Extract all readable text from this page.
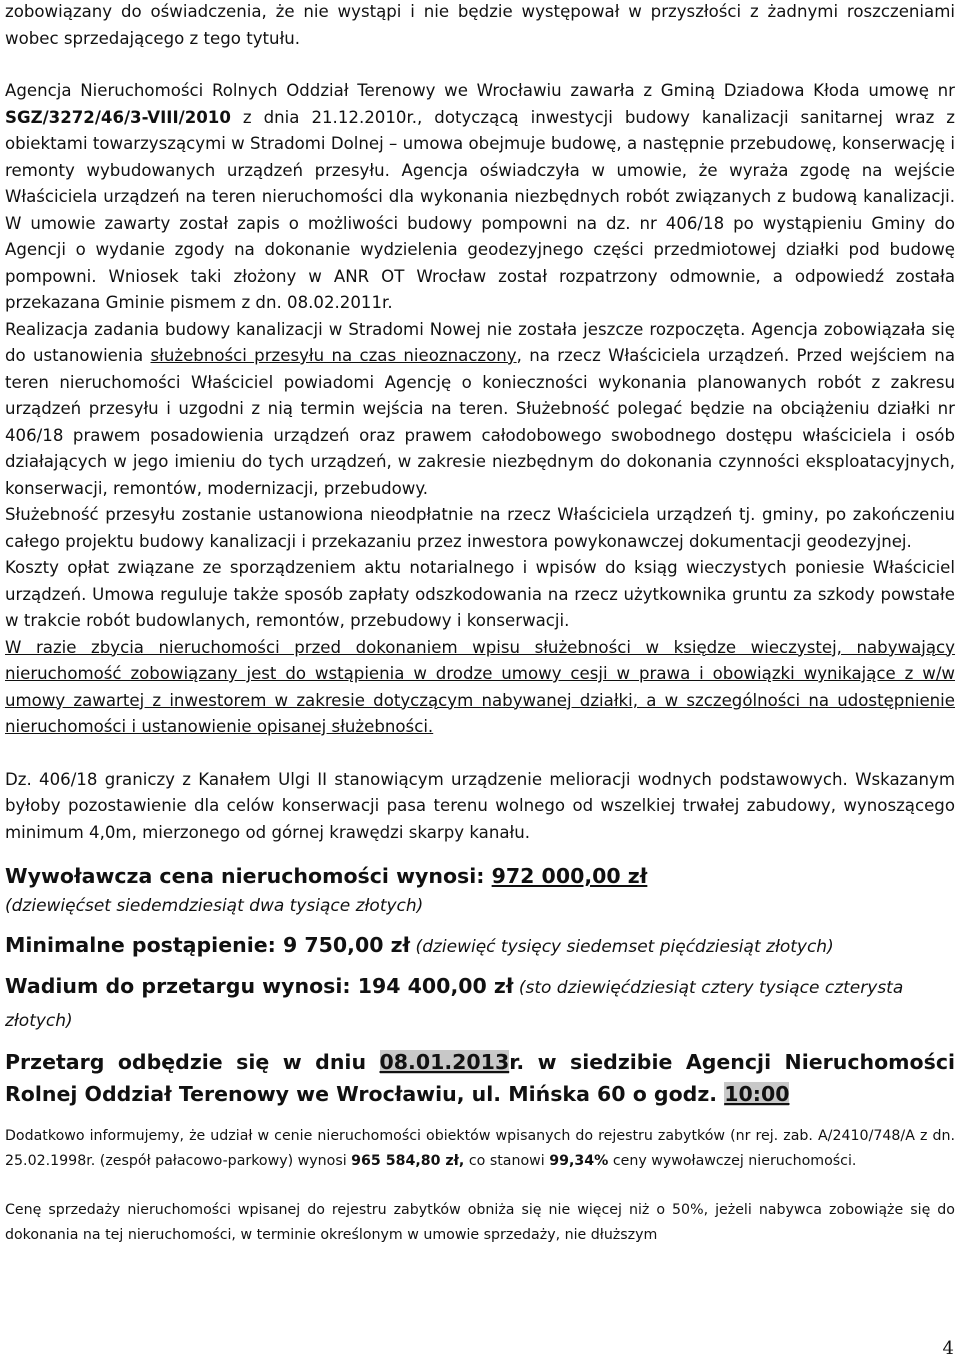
zobowiązany do oświadczenia, że nie wystąpi i nie będzie występował w przyszłości z żadnymi roszczeniami wobec sprzedającego z tego tytułu.

Agencja Nieruchomości Rolnych Oddział Terenowy we Wrocławiu zawarła z Gminą Dziadowa Kłoda umowę nr SGZ/3272/46/3-VIII/2010 z dnia 21.12.2010r., dotyczącą inwestycji budowy kanalizacji sanitarnej wraz z obiektami towarzyszącymi w Stradomi Dolnej – umowa obejmuje budowę, a następnie przebudowę, konserwację i remonty wybudowanych urządzeń przesyłu. Agencja oświadczyła w umowie, że wyraża zgodę na wejście Właściciela urządzeń na teren nieruchomości dla wykonania niezbędnych robót związanych z budową kanalizacji. W umowie zawarty został zapis o możliwości budowy pompowni na dz. nr 406/18 po wystąpieniu Gminy do Agencji o wydanie zgody na dokonanie wydzielenia geodezyjnego części przedmiotowej działki pod budowę pompowni. Wniosek taki złożony w ANR OT Wrocław został rozpatrzony odmownie, a odpowiedź została przekazana Gminie pismem z dn. 08.02.2011r.

Realizacja zadania budowy kanalizacji w Stradomi Nowej nie została jeszcze rozpoczęta. Agencja zobowiązała się do ustanowienia służebności przesyłu na czas nieoznaczony, na rzecz Właściciela urządzeń. Przed wejściem na teren nieruchomości Właściciel powiadomi Agencję o konieczności wykonania planowanych robót z zakresu urządzeń przesyłu i uzgodni z nią termin wejścia na teren. Służebność polegać będzie na obciążeniu działki nr 406/18 prawem posadowienia urządzeń oraz prawem całodobowego swobodnego dostępu właściciela i osób działających w jego imieniu do tych urządzeń, w zakresie niezbędnym do dokonania czynności eksploatacyjnych, konserwacji, remontów, modernizacji, przebudowy.

Służebność przesyłu zostanie ustanowiona nieodpłatnie na rzecz Właściciela urządzeń tj. gminy, po zakończeniu całego projektu budowy kanalizacji i przekazaniu przez inwestora powykonawczej dokumentacji geodezyjnej.

Koszty opłat związane ze sporządzeniem aktu notarialnego i wpisów do ksiąg wieczystych poniesie Właściciel urządzeń. Umowa reguluje także sposób zapłaty odszkodowania na rzecz użytkownika gruntu za szkody powstałe w trakcie robót budowlanych, remontów, przebudowy i konserwacji.

W razie zbycia nieruchomości przed dokonaniem wpisu służebności w księdze wieczystej, nabywający nieruchomość zobowiązany jest do wstąpienia w drodze umowy cesji w prawa i obowiązki wynikające z w/w umowy zawartej z inwestorem w zakresie dotyczącym nabywanej działki, a w szczególności na udostępnienie nieruchomości i ustanowienie opisanej służebności.

Dz. 406/18 graniczy z Kanałem Ulgi II stanowiącym urządzenie melioracji wodnych podstawowych. Wskazanym byłoby pozostawienie dla celów konserwacji pasa terenu wolnego od wszelkiej trwałej zabudowy, wynoszącego minimum 4,0m, mierzonego od górnej krawędzi skarpy kanału.

Wywoławcza cena nieruchomości wynosi: 972 000,00 zł

(dziewięćset siedemdziesiąt dwa tysiące złotych)

Minimalne postąpienie: 9 750,00 zł (dziewięć tysięcy siedemset pięćdziesiąt złotych)

Wadium do przetargu wynosi: 194 400,00 zł (sto dziewięćdziesiąt cztery tysiące czterysta złotych)

Przetarg odbędzie się w dniu 08.01.2013r. w siedzibie Agencji Nieruchomości Rolnej Oddział Terenowy we Wrocławiu, ul. Mińska 60 o godz. 10:00

Dodatkowo informujemy, że udział w cenie nieruchomości obiektów wpisanych do rejestru zabytków (nr rej. zab. A/2410/748/A z dn. 25.02.1998r. (zespół pałacowo-parkowy) wynosi 965 584,80 zł, co stanowi 99,34% ceny wywoławczej nieruchomości.

Cenę sprzedaży nieruchomości wpisanej do rejestru zabytków obniża się nie więcej niż o 50%, jeżeli nabywca zobowiąże się do dokonania na tej nieruchomości, w terminie określonym w umowie sprzedaży, nie dłuższym

4
